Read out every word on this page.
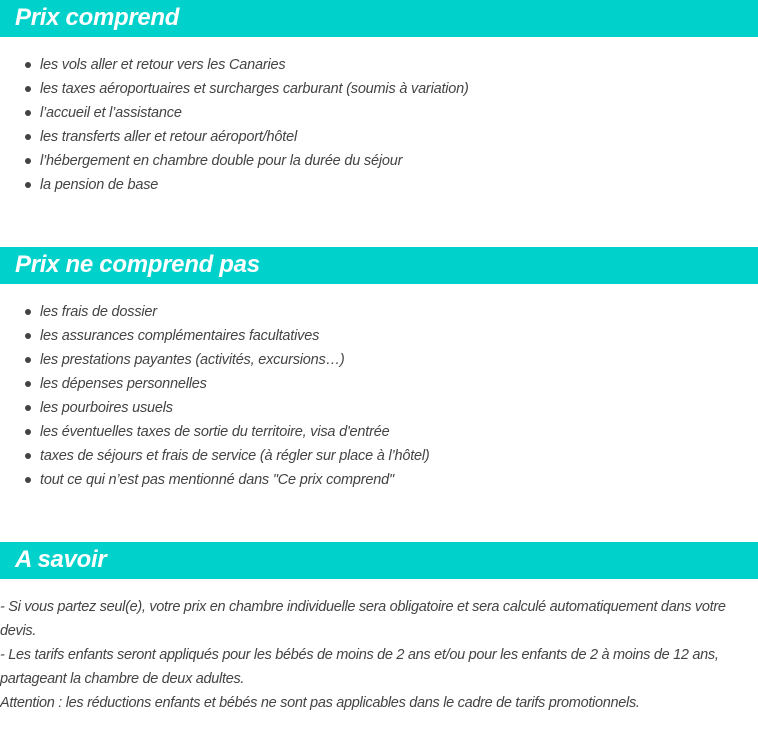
Prix comprend
les vols aller et retour vers les Canaries
les taxes aéroportuaires et surcharges carburant (soumis à variation)
l’accueil et l’assistance
les transferts aller et retour aéroport/hôtel
l’hébergement en chambre double pour la durée du séjour
la pension de base
Prix ne comprend pas
les frais de dossier
les assurances complémentaires facultatives
les prestations payantes (activités, excursions…)
les dépenses personnelles
les pourboires usuels
les éventuelles taxes de sortie du territoire, visa d'entrée
taxes de séjours et frais de service (à régler sur place à l’hôtel)
tout ce qui n’est pas mentionné dans "Ce prix comprend"
A savoir

- Si vous partez seul(e), votre prix en chambre individuelle sera obligatoire et sera calculé automatiquement dans votre devis.

- Les tarifs enfants seront appliqués pour les bébés de moins de 2 ans et/ou pour les enfants de 2 à moins de 12 ans, partageant la chambre de deux adultes.

Attention : les réductions enfants et bébés ne sont pas applicables dans le cadre de tarifs promotionnels.
